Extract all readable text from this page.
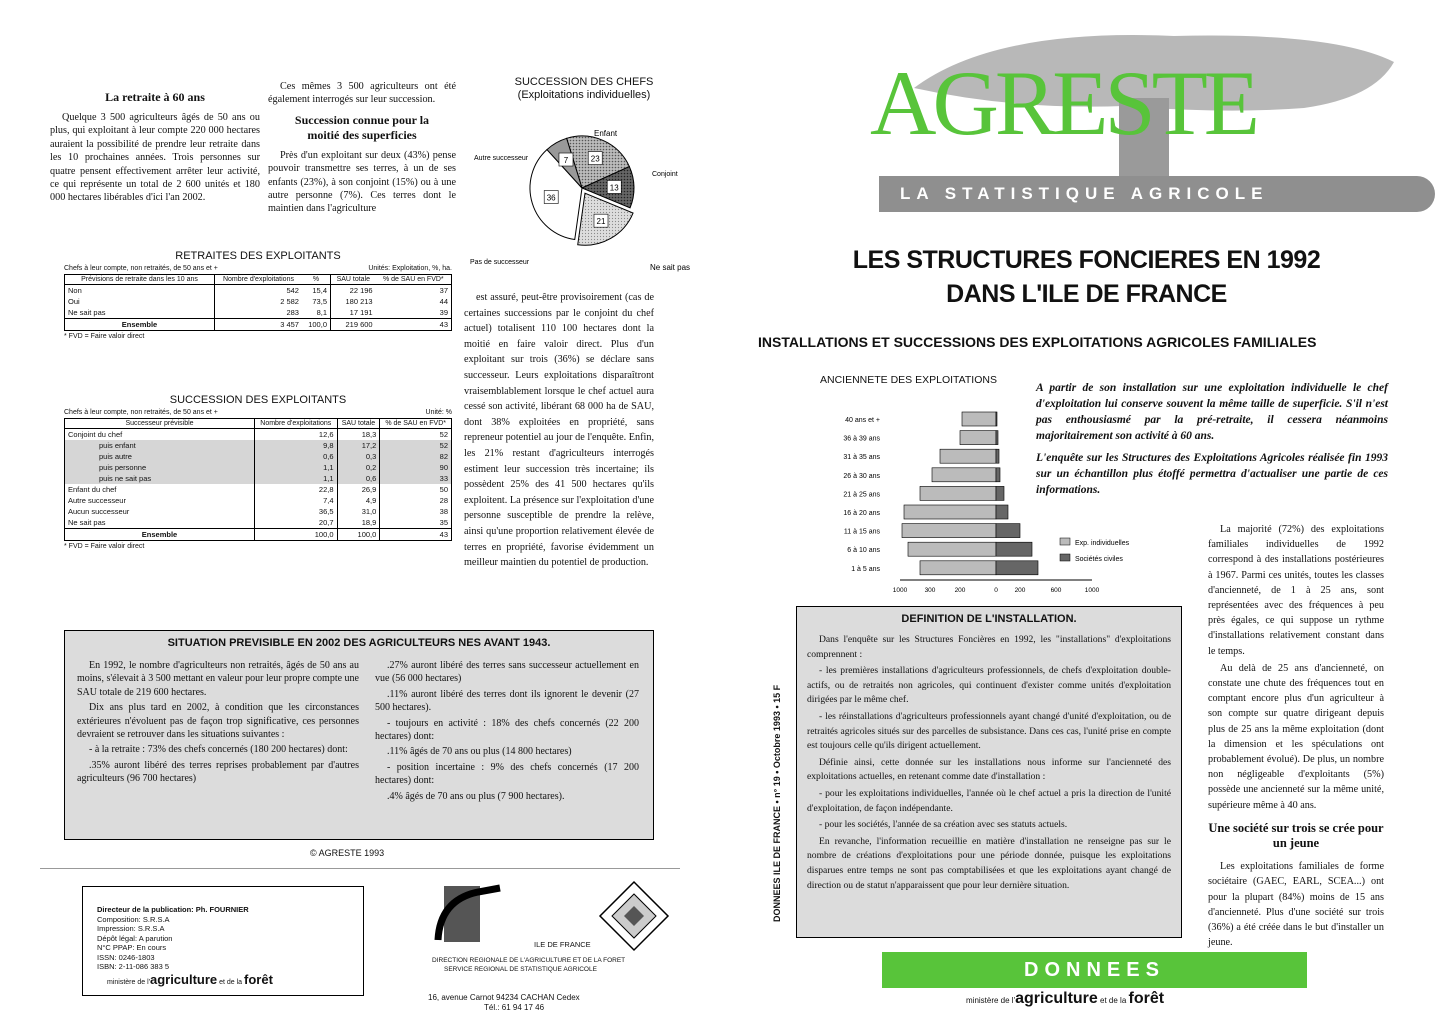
La retraite à 60 ans

Quelque 3 500 agriculteurs âgés de 50 ans ou plus, qui exploitant à leur compte 220 000 hectares auraient la possibilité de prendre leur retraite dans les 10 prochaines années. Trois personnes sur quatre pensent effectivement arrêter leur activité, ce qui représente un total de 2 600 unités et 180 000 hectares libérables d'ici l'an 2002.

Ces mêmes 3 500 agriculteurs ont été également interrogés sur leur succession.

Succession connue pour la moitié des superficies

Près d'un exploitant sur deux (43%) pense pouvoir transmettre ses terres, à un de ses enfants (23%), à son conjoint (15%) ou à une autre personne (7%). Ces terres dont le maintien dans l'agriculture

SUCCESSION DES CHEFS
(Exploitations individuelles)
23
13
21
36
7
Enfant
Conjoint
Autre successeur
Pas de successeur
Ne sait pas
RETRAITES DES EXPLOITANTS
Chefs à leur compte, non retraités, de 50 ans et +	Unités: Exploitation, %, ha.
Prévisions de retraite dans les 10 ans	Nombre d'exploitations	%	SAU totale	% de SAU en FVD*
Non	542	15,4	22 196	37
Oui	2 582	73,5	180 213	44
Ne sait pas	283	8,1	17 191	39
Ensemble	3 457	100,0	219 600	43
* FVD = Faire valoir direct
SUCCESSION DES EXPLOITANTS
Chefs à leur compte, non retraités, de 50 ans et +	Unité: %
Successeur prévisible	Nombre d'exploitations	SAU totale	% de SAU en FVD*
Conjoint du chef	12,6	18,3	52
puis enfant	9,8	17,2	52
puis autre	0,6	0,3	82
puis personne	1,1	0,2	90
puis ne sait pas	1,1	0,6	33
Enfant du chef	22,8	26,9	50
Autre successeur	7,4	4,9	28
Aucun successeur	36,5	31,0	38
Ne sait pas	20,7	18,9	35
Ensemble	100,0	100,0	43
* FVD = Faire valoir direct

est assuré, peut-être provisoirement (cas de certaines successions par le conjoint du chef actuel) totalisent 110 100 hectares dont la moitié en faire valoir direct. Plus d'un exploitant sur trois (36%) se déclare sans successeur. Leurs exploitations disparaîtront vraisemblablement lorsque le chef actuel aura cessé son activité, libérant 68 000 ha de SAU, dont 38% exploitées en propriété, sans repreneur potentiel au jour de l'enquête. Enfin, les 21% restant d'agriculteurs interrogés estiment leur succession très incertaine; ils possèdent 25% des 41 500 hectares qu'ils exploitent. La présence sur l'exploitation d'une personne susceptible de prendre la relève, ainsi qu'une proportion relativement élevée de terres en propriété, favorise évidemment un meilleur maintien du potentiel de production.

SITUATION PREVISIBLE EN 2002 DES AGRICULTEURS NES AVANT 1943.

En 1992, le nombre d'agriculteurs non retraités, âgés de 50 ans au moins, s'élevait à 3 500 mettant en valeur pour leur propre compte une SAU totale de 219 600 hectares.

Dix ans plus tard en 2002, à condition que les circonstances extérieures n'évoluent pas de façon trop significative, ces personnes devraient se retrouver dans les situations suivantes :

- à la retraite : 73% des chefs concernés (180 200 hectares) dont:

.35% auront libéré des terres reprises probablement par d'autres agriculteurs (96 700 hectares)

.27% auront libéré des terres sans successeur actuellement en vue (56 000 hectares)

.11% auront libéré des terres dont ils ignorent le devenir (27 500 hectares).

- toujours en activité : 18% des chefs concernés (22 200 hectares) dont:

.11% âgés de 70 ans ou plus (14 800 hectares)

- position incertaine : 9% des chefs concernés (17 200 hectares) dont:

.4% âgés de 70 ans ou plus (7 900 hectares).

© AGRESTE 1993
Directeur de la publication: Ph. FOURNIER
Composition: S.R.S.A
Impression: S.R.S.A
Dépôt légal: A parution
N°C PPAP: En cours
ISSN: 0246-1803
ISBN: 2-11-086 383 5
ministère de l'agriculture et de la forêt
ILE DE FRANCE
DIRECTION REGIONALE DE L'AGRICULTURE ET DE LA FORET
SERVICE REGIONAL DE STATISTIQUE AGRICOLE
16, avenue Carnot 94234 CACHAN Cedex
Tél.: 61 94 17 46
AGRESTE
LA STATISTIQUE AGRICOLE
LES STRUCTURES FONCIERES EN 1992
DANS L'ILE DE FRANCE
INSTALLATIONS ET SUCCESSIONS DES EXPLOITATIONS AGRICOLES FAMILIALES
ANCIENNETE DES EXPLOITATIONS
40 ans et +
36 à 39 ans
31 à 35 ans
26 à 30 ans
21 à 25 ans
16 à 20 ans
11 à 15 ans
6 à 10 ans
1 à 5 ans
1000	300	200	0	200	600	1000
Exp. individuelles
Sociétés civiles

A partir de son installation sur une exploitation individuelle le chef d'exploitation lui conserve souvent la même taille de superficie. S'il n'est pas enthousiasmé par la pré-retraite, il cessera néanmoins majoritairement son activité à 60 ans.

L'enquête sur les Structures des Exploitations Agricoles réalisée fin 1993 sur un échantillon plus étoffé permettra d'actualiser une partie de ces informations.

DONNEES ILE DE FRANCE • n° 19 • Octobre 1993 • 15 F
DEFINITION DE L'INSTALLATION.

Dans l'enquête sur les Structures Foncières en 1992, les "installations" d'exploitations comprennent :

- les premières installations d'agriculteurs professionnels, de chefs d'exploitation double-actifs, ou de retraités non agricoles, qui continuent d'exister comme unités d'exploitation dirigées par le même chef.

- les réinstallations d'agriculteurs professionnels ayant changé d'unité d'exploitation, ou de retraités agricoles situés sur des parcelles de subsistance. Dans ces cas, l'unité prise en compte est toujours celle qu'ils dirigent actuellement.

Définie ainsi, cette donnée sur les installations nous informe sur l'ancienneté des exploitations actuelles, en retenant comme date d'installation :

- pour les exploitations individuelles, l'année où le chef actuel a pris la direction de l'unité d'exploitation, de façon indépendante.

- pour les sociétés, l'année de sa création avec ses statuts actuels.

En revanche, l'information recueillie en matière d'installation ne renseigne pas sur le nombre de créations d'exploitations pour une période donnée, puisque les exploitations disparues entre temps ne sont pas comptabilisées et que les exploitations ayant changé de direction ou de statut n'apparaissent que pour leur dernière situation.

La majorité (72%) des exploitations familiales individuelles de 1992 correspond à des installations postérieures à 1967. Parmi ces unités, toutes les classes d'ancienneté, de 1 à 25 ans, sont représentées avec des fréquences à peu près égales, ce qui suppose un rythme d'installations relativement constant dans le temps.

Au delà de 25 ans d'ancienneté, on constate une chute des fréquences tout en comptant encore plus d'un agriculteur à son compte sur quatre dirigeant depuis plus de 25 ans la même exploitation (dont la dimension et les spéculations ont probablement évolué). De plus, un nombre non négligeable d'exploitants (5%) possède une ancienneté sur la même unité, supérieure même à 40 ans.

Une société sur trois se crée pour un jeune

Les exploitations familiales de forme sociétaire (GAEC, EARL, SCEA...) ont pour la plupart (84%) moins de 15 ans d'ancienneté. Plus d'une société sur trois (36%) a été créée dans le but d'installer un jeune.

DONNEES
ministère de l'agriculture et de la forêt
